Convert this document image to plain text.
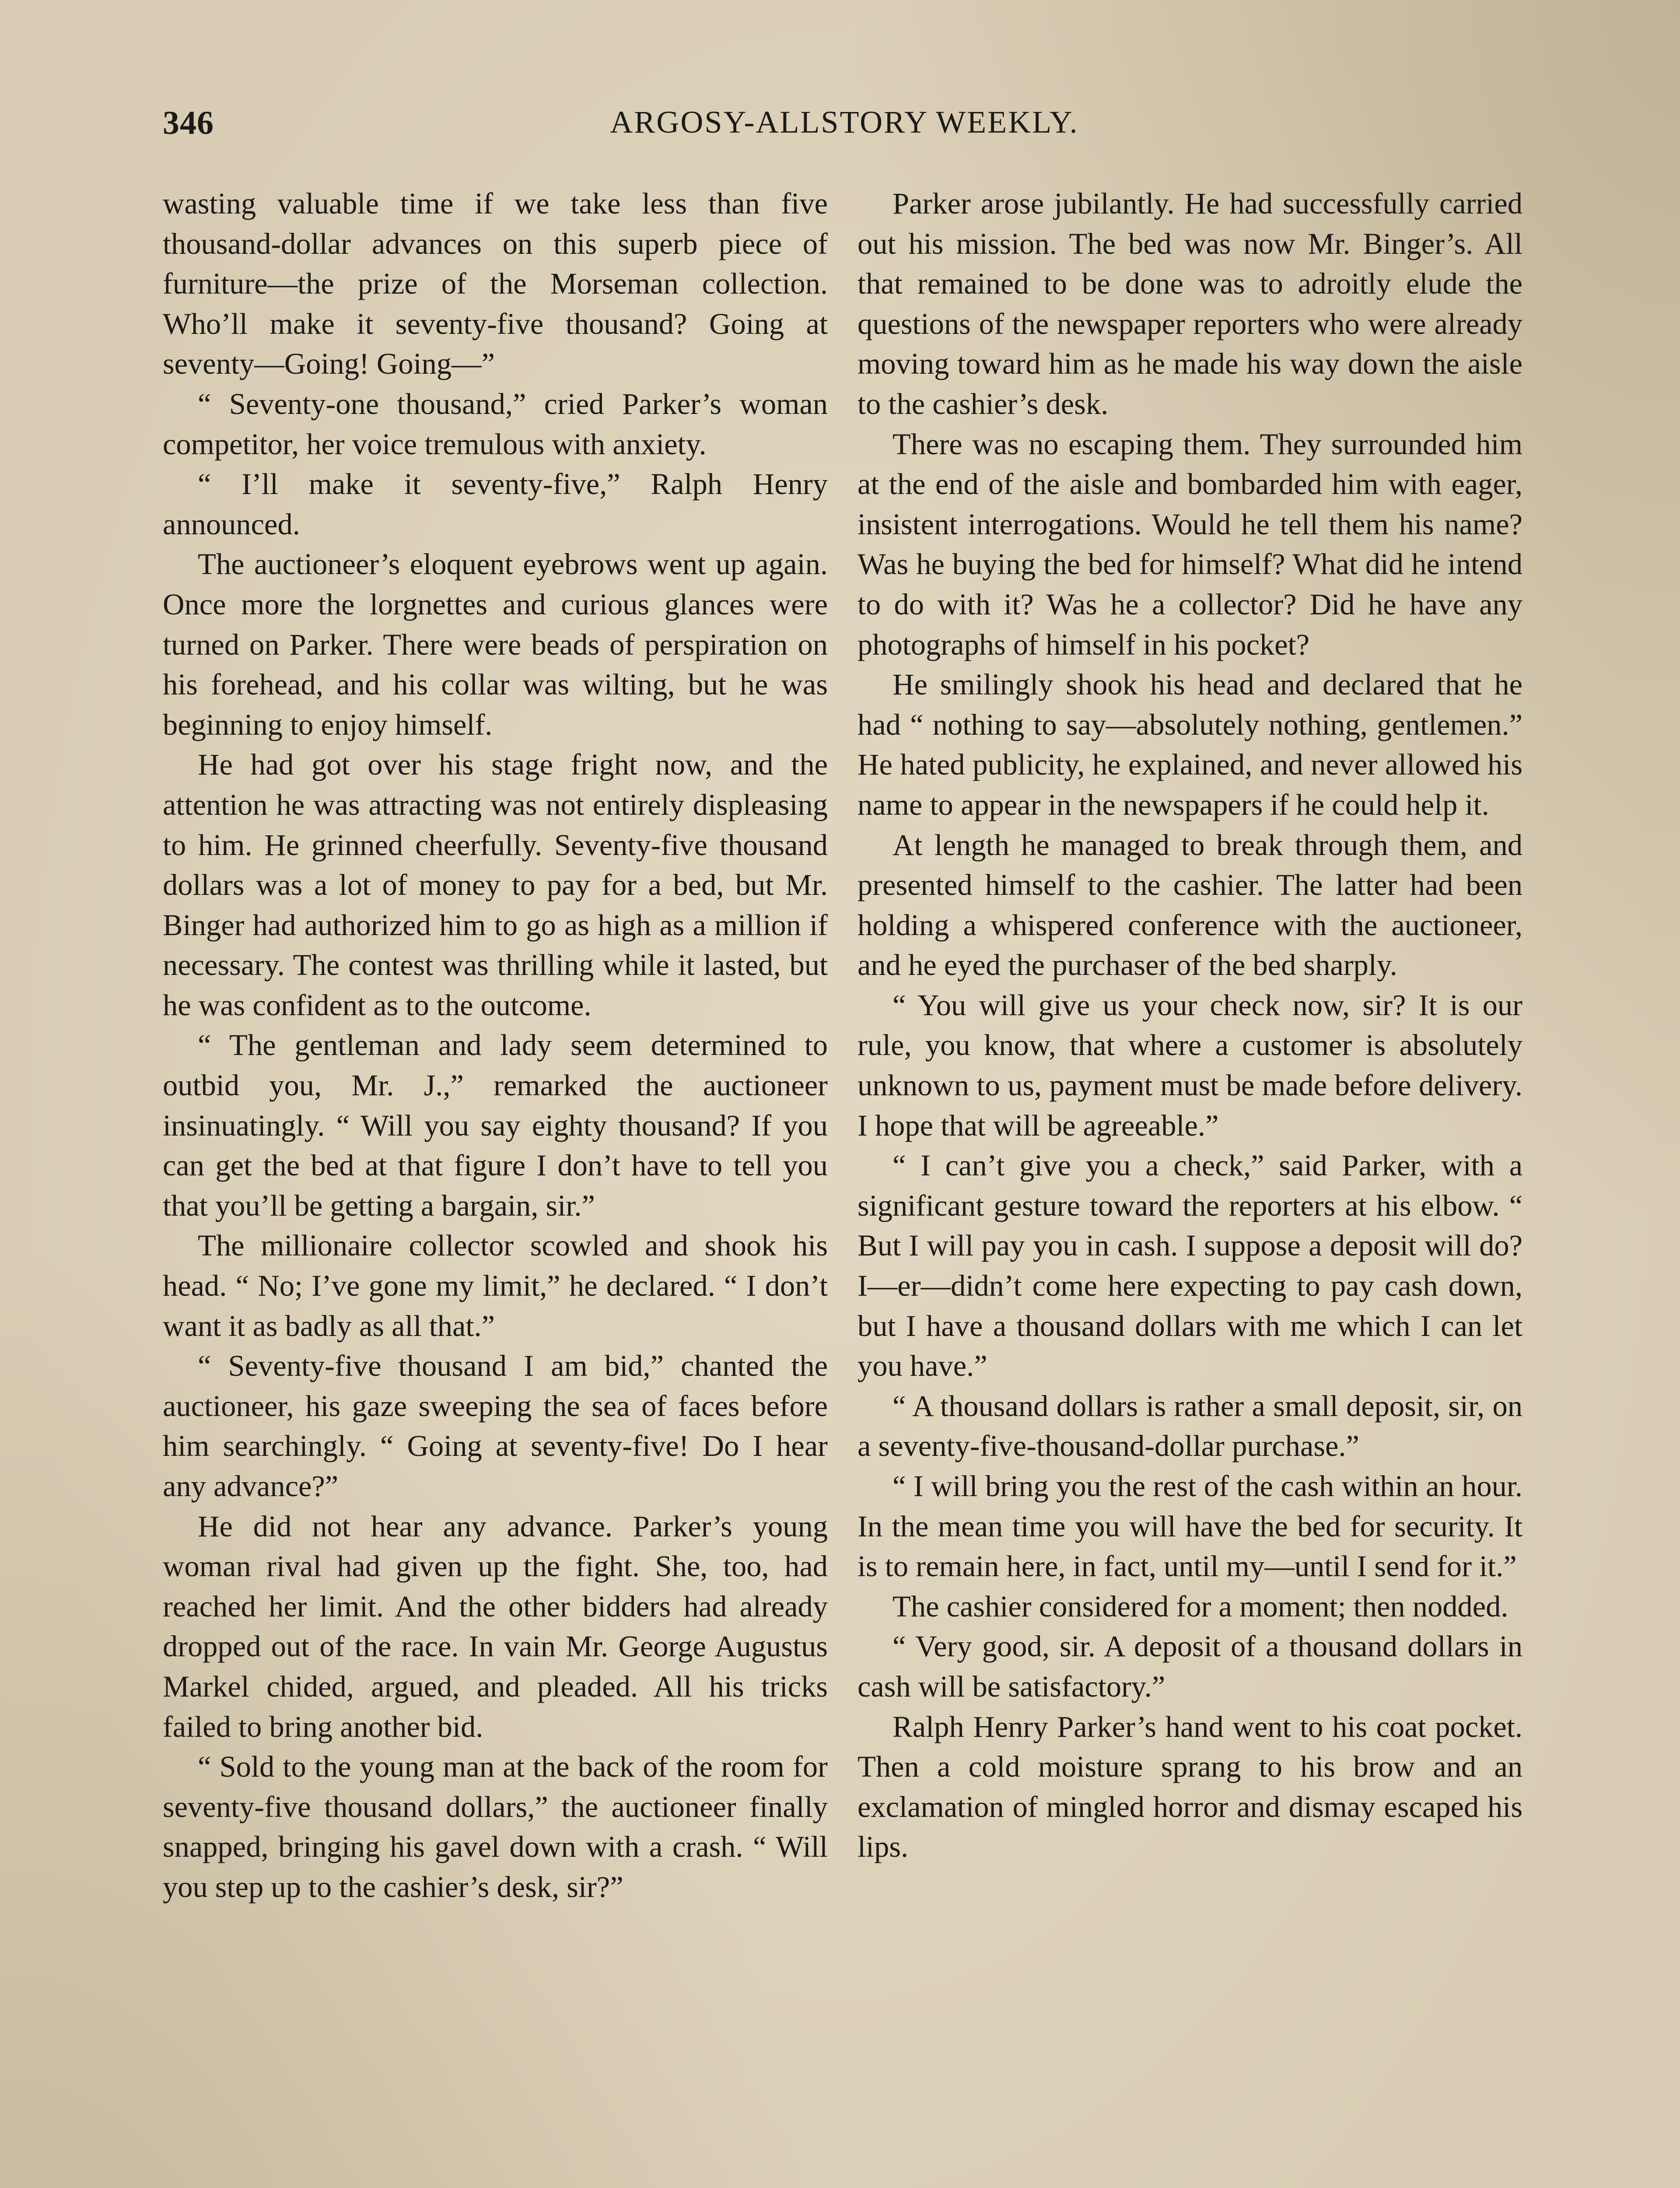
346	ARGOSY-ALLSTORY WEEKLY.

wasting valuable time if we take less than five thousand-dollar advances on this superb piece of furniture—the prize of the Morseman collection. Who’ll make it seventy-five thousand? Going at seventy—Going! Going—”

“ Seventy-one thousand,” cried Parker’s woman competitor, her voice tremulous with anxiety.

“ I’ll make it seventy-five,” Ralph Henry announced.

The auctioneer’s eloquent eyebrows went up again. Once more the lorgnettes and curious glances were turned on Parker. There were beads of perspiration on his forehead, and his collar was wilting, but he was beginning to enjoy himself.

He had got over his stage fright now, and the attention he was attracting was not entirely displeasing to him. He grinned cheerfully. Seventy-five thousand dollars was a lot of money to pay for a bed, but Mr. Binger had authorized him to go as high as a million if necessary. The contest was thrilling while it lasted, but he was confident as to the outcome.

“ The gentleman and lady seem determined to outbid you, Mr. J.,” remarked the auctioneer insinuatingly. “ Will you say eighty thousand? If you can get the bed at that figure I don’t have to tell you that you’ll be getting a bargain, sir.”

The millionaire collector scowled and shook his head. “ No; I’ve gone my limit,” he declared. “ I don’t want it as badly as all that.”

“ Seventy-five thousand I am bid,” chanted the auctioneer, his gaze sweeping the sea of faces before him searchingly. “ Going at seventy-five! Do I hear any advance?”

He did not hear any advance. Parker’s young woman rival had given up the fight. She, too, had reached her limit. And the other bidders had already dropped out of the race. In vain Mr. George Augustus Markel chided, argued, and pleaded. All his tricks failed to bring another bid.

“ Sold to the young man at the back of the room for seventy-five thousand dollars,” the auctioneer finally snapped, bringing his gavel down with a crash. “ Will you step up to the cashier’s desk, sir?”

Parker arose jubilantly. He had successfully carried out his mission. The bed was now Mr. Binger’s. All that remained to be done was to adroitly elude the questions of the newspaper reporters who were already moving toward him as he made his way down the aisle to the cashier’s desk.

There was no escaping them. They surrounded him at the end of the aisle and bombarded him with eager, insistent interrogations. Would he tell them his name? Was he buying the bed for himself? What did he intend to do with it? Was he a collector? Did he have any photographs of himself in his pocket?

He smilingly shook his head and declared that he had “ nothing to say—absolutely nothing, gentlemen.” He hated publicity, he explained, and never allowed his name to appear in the newspapers if he could help it.

At length he managed to break through them, and presented himself to the cashier. The latter had been holding a whispered conference with the auctioneer, and he eyed the purchaser of the bed sharply.

“ You will give us your check now, sir? It is our rule, you know, that where a customer is absolutely unknown to us, payment must be made before delivery. I hope that will be agreeable.”

“ I can’t give you a check,” said Parker, with a significant gesture toward the reporters at his elbow. “ But I will pay you in cash. I suppose a deposit will do? I—er—didn’t come here expecting to pay cash down, but I have a thousand dollars with me which I can let you have.”

“ A thousand dollars is rather a small deposit, sir, on a seventy-five-thousand-dollar purchase.”

“ I will bring you the rest of the cash within an hour. In the mean time you will have the bed for security. It is to remain here, in fact, until my—until I send for it.”

The cashier considered for a moment; then nodded.

“ Very good, sir. A deposit of a thousand dollars in cash will be satisfactory.”

Ralph Henry Parker’s hand went to his coat pocket. Then a cold moisture sprang to his brow and an exclamation of mingled horror and dismay escaped his lips.
